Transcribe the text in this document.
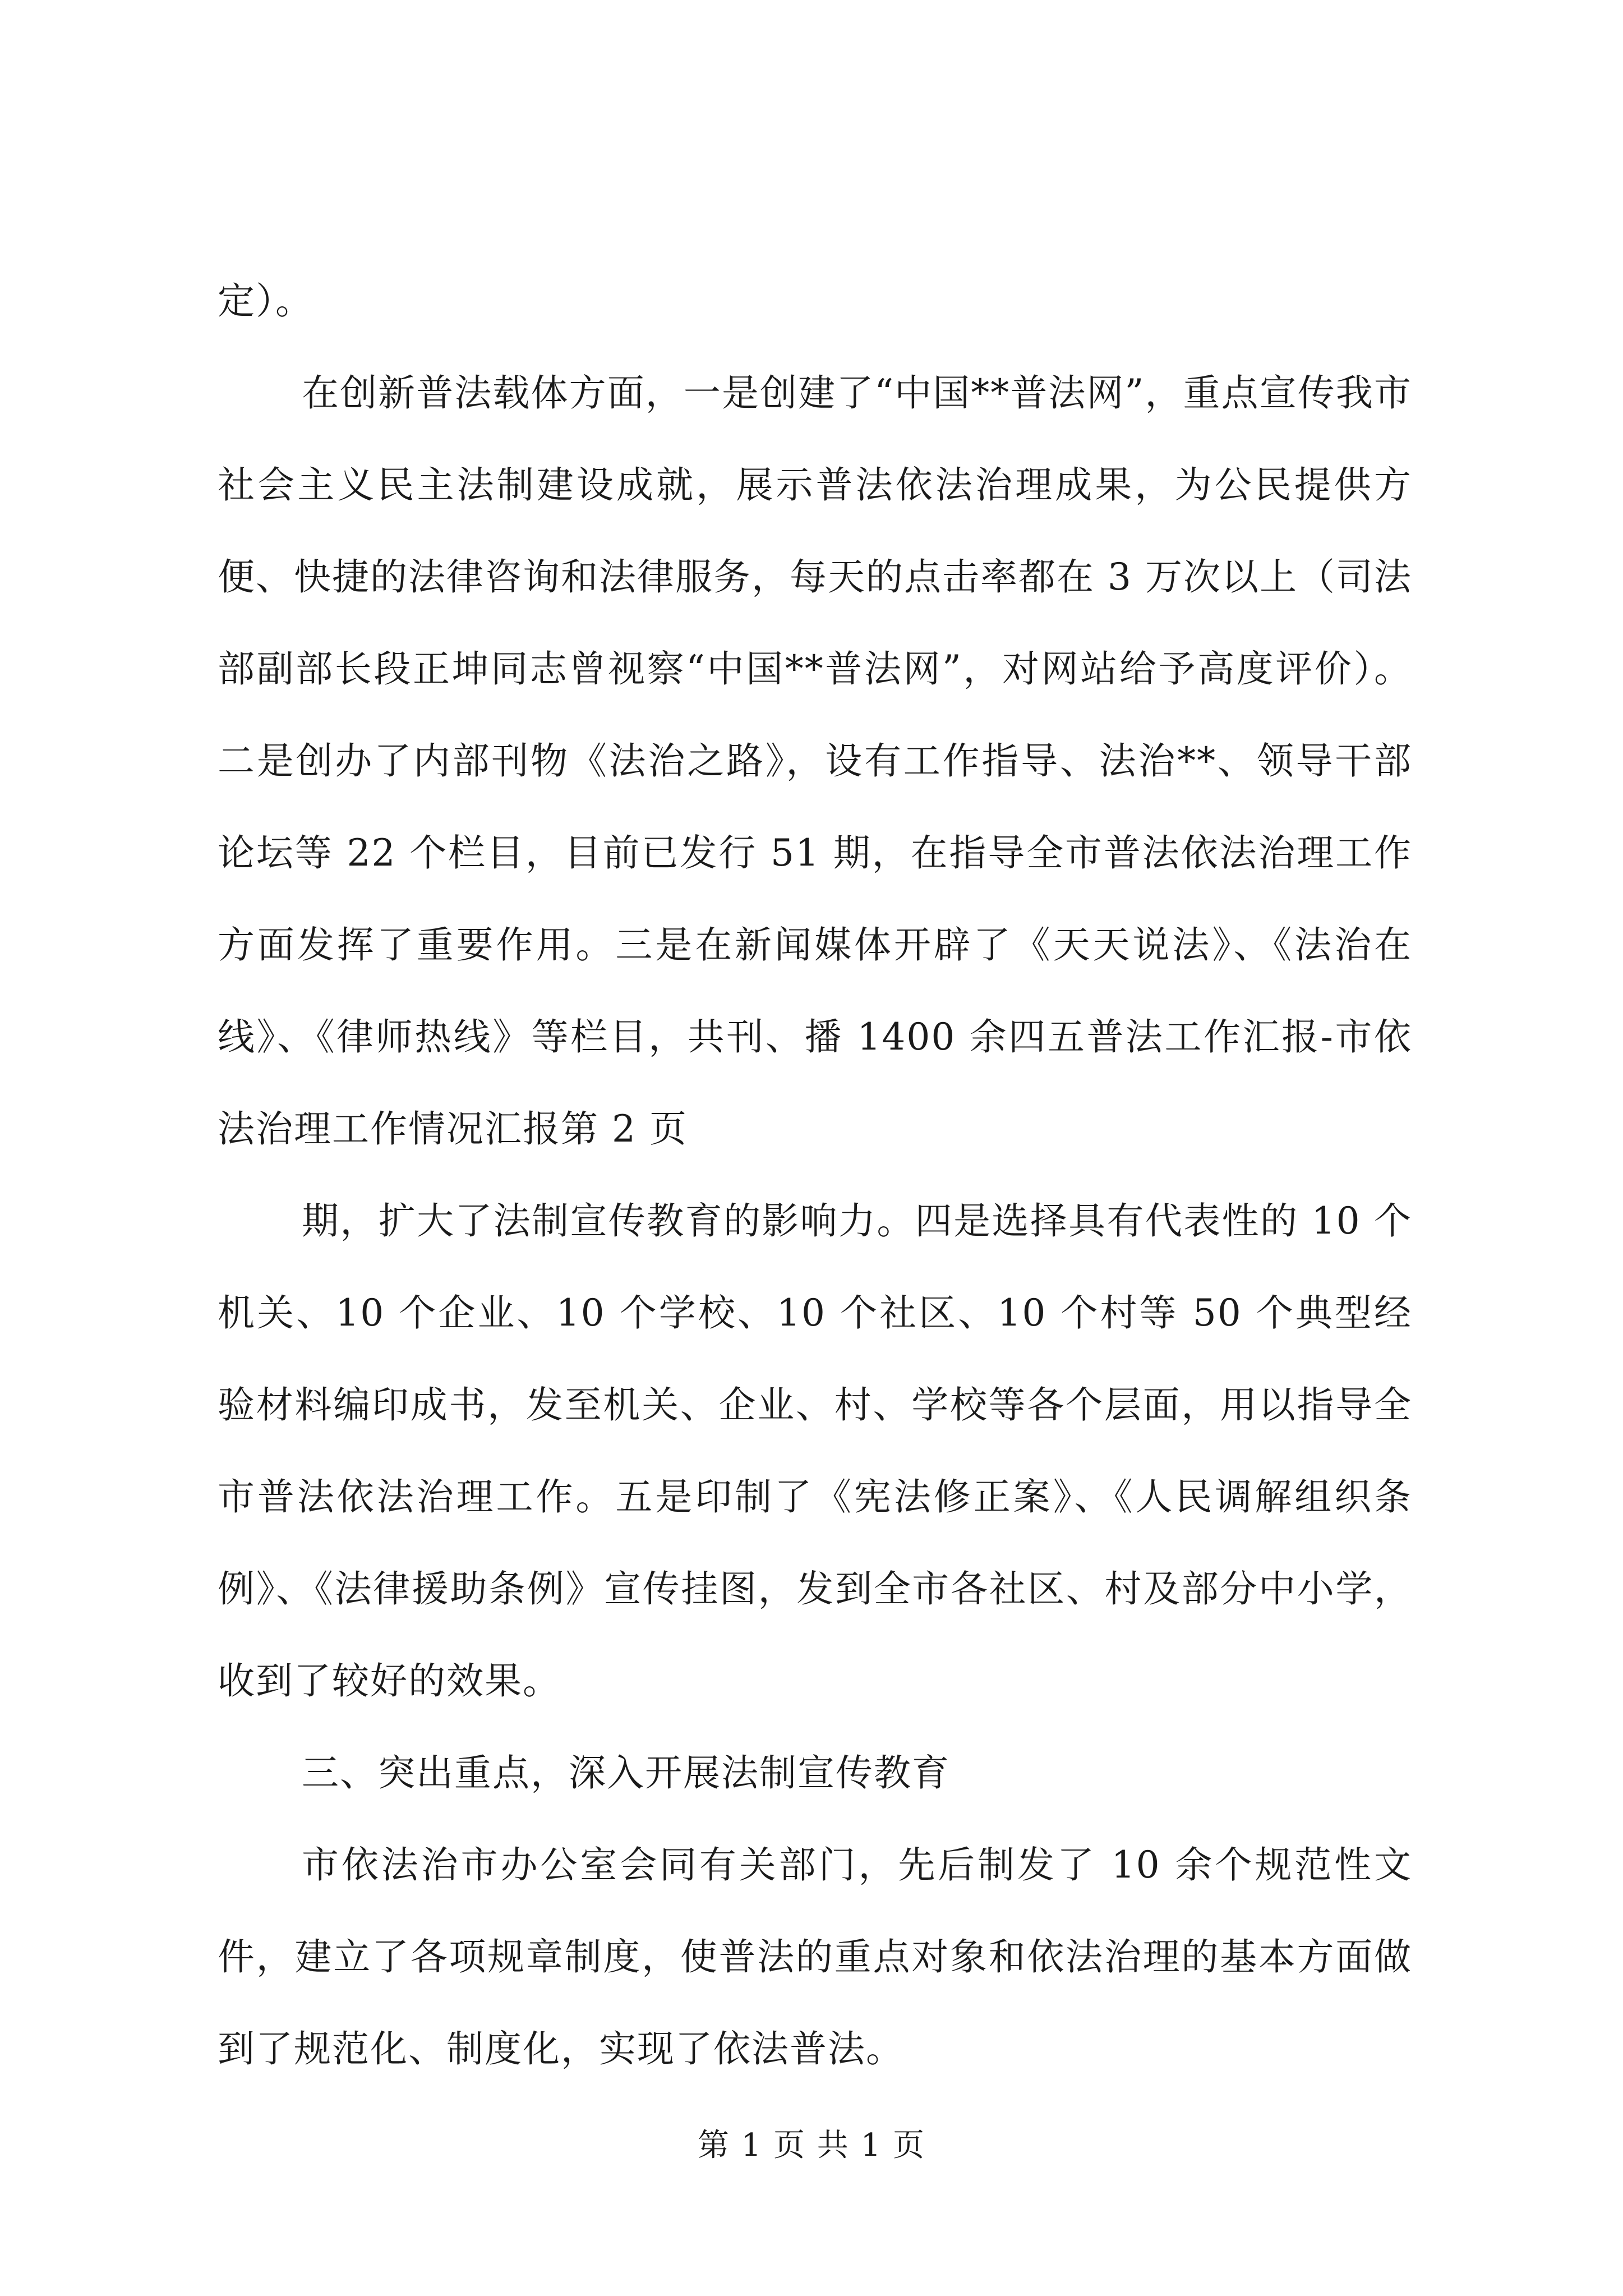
定）。

在创新普法载体方面，一是创建了“中国**普法网”，重点宣传我市社会主义民主法制建设成就，展示普法依法治理成果，为公民提供方便、快捷的法律咨询和法律服务，每天的点击率都在 3 万次以上（司法部副部长段正坤同志曾视察“中国**普法网”，对网站给予高度评价）。二是创办了内部刊物《法治之路》，设有工作指导、法治**、领导干部论坛等 22 个栏目，目前已发行 51 期，在指导全市普法依法治理工作方面发挥了重要作用。三是在新闻媒体开辟了《天天说法》、《法治在线》、《律师热线》等栏目，共刊、播 1400 余四五普法工作汇报-市依法治理工作情况汇报第 2 页

期，扩大了法制宣传教育的影响力。四是选择具有代表性的 10 个机关、10 个企业、10 个学校、10 个社区、10 个村等 50 个典型经验材料编印成书，发至机关、企业、村、学校等各个层面，用以指导全市普法依法治理工作。五是印制了《宪法修正案》、《人民调解组织条例》、《法律援助条例》宣传挂图，发到全市各社区、村及部分中小学，收到了较好的效果。

三、突出重点，深入开展法制宣传教育

市依法治市办公室会同有关部门，先后制发了 10 余个规范性文件，建立了各项规章制度，使普法的重点对象和依法治理的基本方面做到了规范化、制度化，实现了依法普法。

第 1 页 共 1 页
